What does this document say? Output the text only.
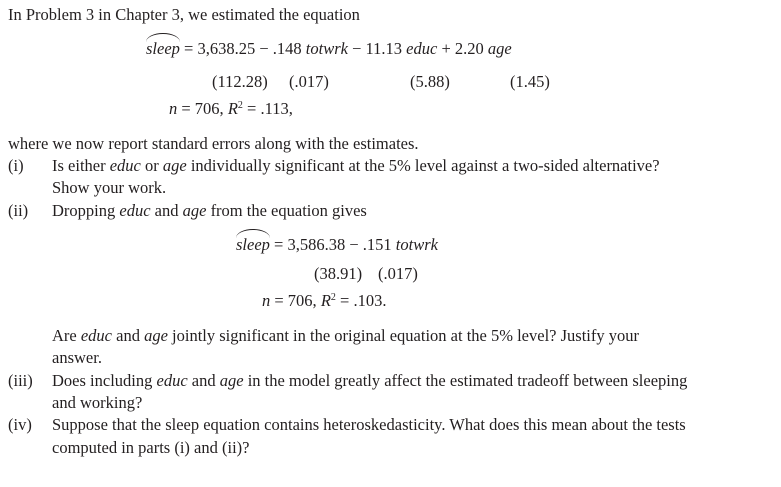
In Problem 3 in Chapter 3, we estimated the equation
sleep = 3,638.25 − .148 totwrk − 11.13 educ + 2.20 age
(112.28) (.017)	(5.88)	(1.45)
n = 706, $R^2 = .113$,
where we now report standard errors along with the estimates.
(i) Is either educ or age individually significant at the 5% level against a two-sided alternative?
Show your work.
(ii) Dropping educ and age from the equation gives
sleep = 3,586.38 − .151 totwrk
(38.91) (.017)
n = 706, $R^2 = .103$.
Are educ and age jointly significant in the original equation at the 5% level? Justify your
answer.
(iii) Does including educ and age in the model greatly affect the estimated tradeoff between sleeping
and working?
(iv) Suppose that the sleep equation contains heteroskedasticity. What does this mean about the tests
computed in parts (i) and (ii)?
